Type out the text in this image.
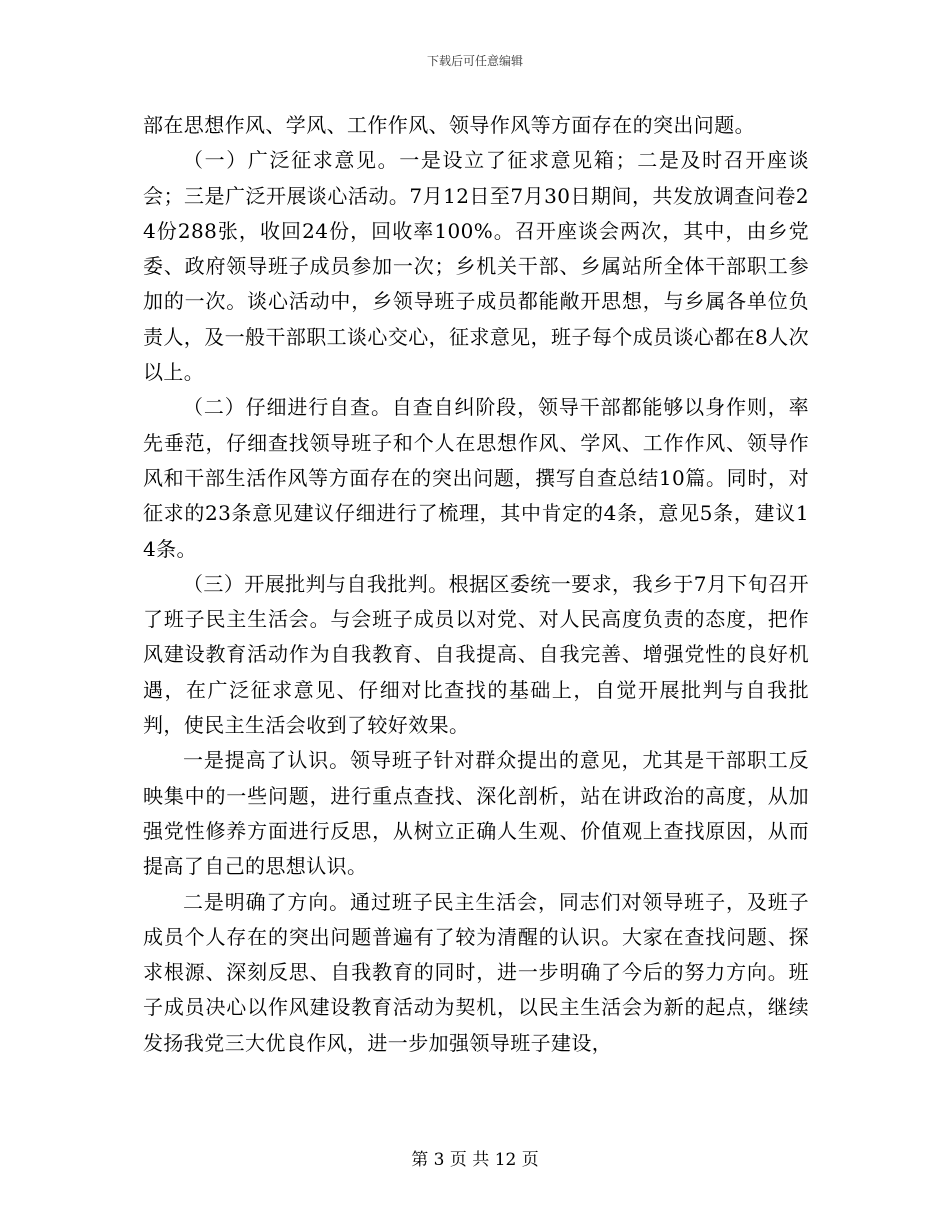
下载后可任意编辑

部在思想作风、学风、工作作风、领导作风等方面存在的突出问题。

（一）广泛征求意见。一是设立了征求意见箱；二是及时召开座谈会；三是广泛开展谈心活动。7月12日至7月30日期间，共发放调查问卷24份288张，收回24份，回收率100%。召开座谈会两次，其中，由乡党委、政府领导班子成员参加一次；乡机关干部、乡属站所全体干部职工参加的一次。谈心活动中，乡领导班子成员都能敞开思想，与乡属各单位负责人，及一般干部职工谈心交心，征求意见，班子每个成员谈心都在8人次以上。

（二）仔细进行自查。自查自纠阶段，领导干部都能够以身作则，率先垂范，仔细查找领导班子和个人在思想作风、学风、工作作风、领导作风和干部生活作风等方面存在的突出问题，撰写自查总结10篇。同时，对征求的23条意见建议仔细进行了梳理，其中肯定的4条，意见5条，建议14条。

（三）开展批判与自我批判。根据区委统一要求，我乡于7月下旬召开了班子民主生活会。与会班子成员以对党、对人民高度负责的态度，把作风建设教育活动作为自我教育、自我提高、自我完善、增强党性的良好机遇，在广泛征求意见、仔细对比查找的基础上，自觉开展批判与自我批判，使民主生活会收到了较好效果。

一是提高了认识。领导班子针对群众提出的意见，尤其是干部职工反映集中的一些问题，进行重点查找、深化剖析，站在讲政治的高度，从加强党性修养方面进行反思，从树立正确人生观、价值观上查找原因，从而提高了自己的思想认识。

二是明确了方向。通过班子民主生活会，同志们对领导班子，及班子成员个人存在的突出问题普遍有了较为清醒的认识。大家在查找问题、探求根源、深刻反思、自我教育的同时，进一步明确了今后的努力方向。班子成员决心以作风建设教育活动为契机，以民主生活会为新的起点，继续发扬我党三大优良作风，进一步加强领导班子建设，

第 3 页 共 12 页
